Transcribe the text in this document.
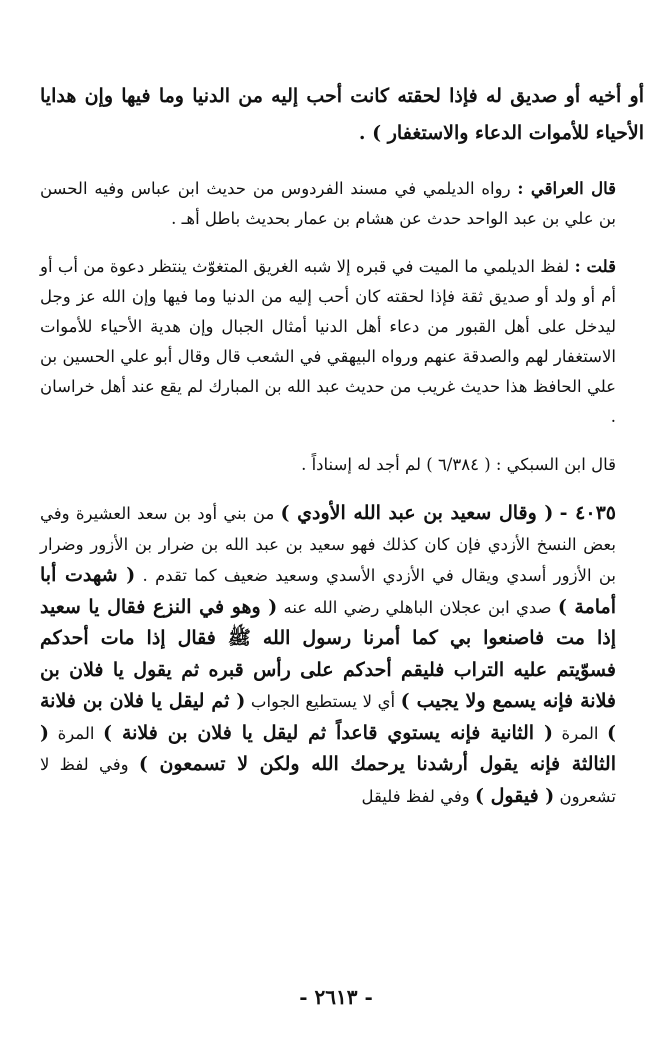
أو أخيه أو صديق له فإذا لحقته كانت أحب إليه من الدنيا وما فيها وإن هدايا الأحياء للأموات الدعاء والاستغفار ) .

قال العراقي : رواه الديلمي في مسند الفردوس من حديث ابن عباس وفيه الحسن بن علي بن عبد الواحد حدث عن هشام بن عمار بحديث باطل أهـ .

قلت : لفظ الديلمي ما الميت في قبره إلا شبه الغريق المتغوّث ينتظر دعوة من أب أو أم أو ولد أو صديق ثقة فإذا لحقته كان أحب إليه من الدنيا وما فيها وإن الله عز وجل ليدخل على أهل القبور من دعاء أهل الدنيا أمثال الجبال وإن هدية الأحياء للأموات الاستغفار لهم والصدقة عنهم ورواه البيهقي في الشعب قال وقال أبو علي الحسين بن علي الحافظ هذا حديث غريب من حديث عبد الله بن المبارك لم يقع عند أهل خراسان .

قال ابن السبكي : ( ٦/٣٨٤ ) لم أجد له إسناداً .

٤٠٣٥ - ( وقال سعيد بن عبد الله الأودي ) من بني أود بن سعد العشيرة وفي بعض النسخ الأزدي فإن كان كذلك فهو سعيد بن عبد الله بن ضرار بن الأزور وضرار بن الأزور أسدي ويقال في الأزدي الأسدي وسعيد ضعيف كما تقدم . ( شهدت أبا أمامة ) صدي ابن عجلان الباهلي رضي الله عنه ( وهو في النزع فقال يا سعيد إذا مت فاصنعوا بي كما أمرنا رسول الله ﷺ فقال إذا مات أحدكم فسوّيتم عليه التراب فليقم أحدكم على رأس قبره ثم يقول يا فلان بن فلانة فإنه يسمع ولا يجيب ) أي لا يستطيع الجواب ( ثم ليقل يا فلان بن فلانة ) المرة ( الثانية فإنه يستوي قاعداً ثم ليقل يا فلان بن فلانة ) المرة ( الثالثة فإنه يقول أرشدنا يرحمك الله ولكن لا تسمعون ) وفي لفظ لا تشعرون ( فيقول ) وفي لفظ فليقل

- ٢٦١٣ -
